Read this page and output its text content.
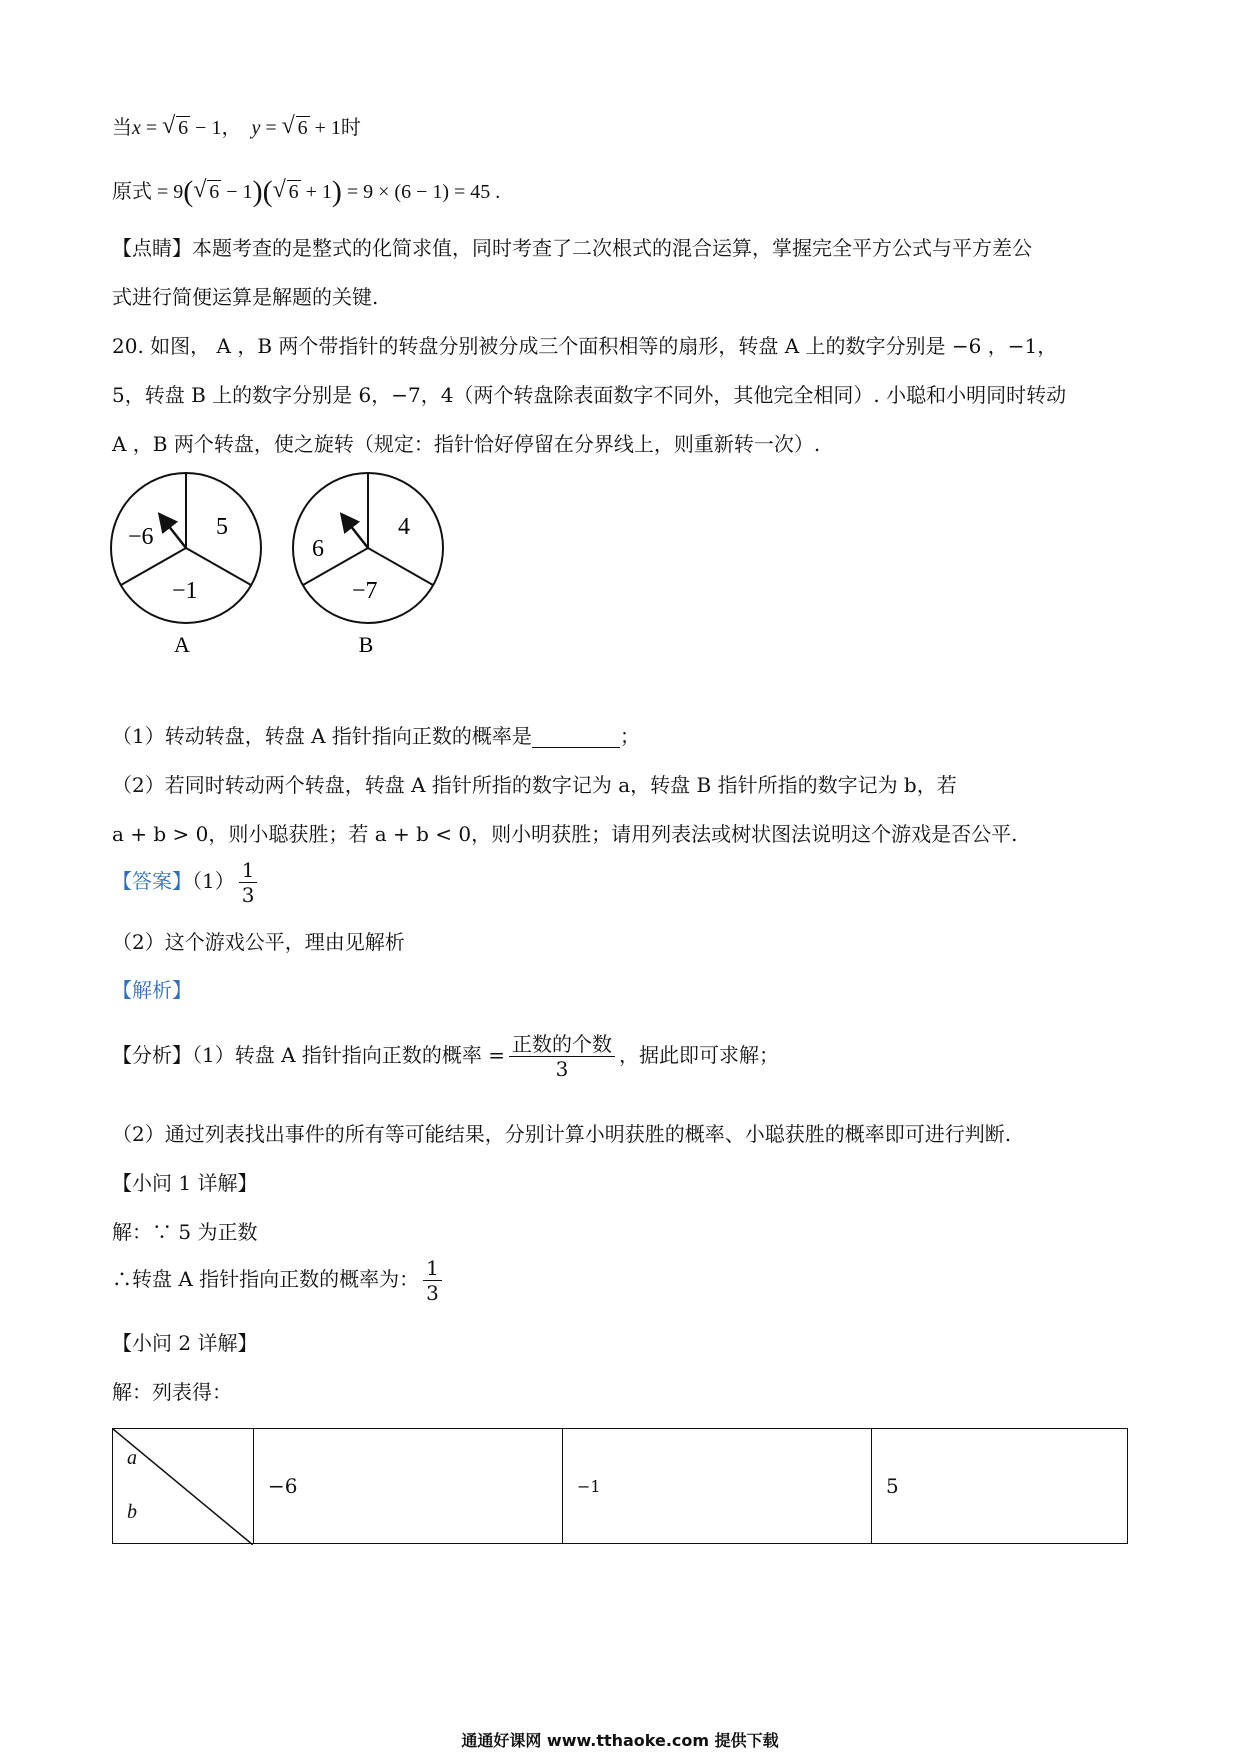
当x = √ 6 − 1， y = √ 6 + 1时
原式 = 9( √ 6 − 1)( √ 6 + 1) = 9 × (6 − 1) = 45 .
【点睛】本题考查的是整式的化简求值，同时考查了二次根式的混合运算，掌握完全平方公式与平方差公
式进行简便运算是解题的关键.
20. 如图， A ，B 两个带指针的转盘分别被分成三个面积相等的扇形，转盘 A 上的数字分别是 −6 ，−1，
5，转盘 B 上的数字分别是 6，−7，4（两个转盘除表面数字不同外，其他完全相同）. 小聪和小明同时转动
A ，B 两个转盘，使之旋转（规定：指针恰好停留在分界线上，则重新转一次）.
−6	5
−1
A
6
4
−7
B
（1）转动转盘，转盘 A 指针指向正数的概率是	；
（2）若同时转动两个转盘，转盘 A 指针所指的数字记为 a，转盘 B 指针所指的数字记为 b，若
a + b > 0，则小聪获胜；若 a + b < 0，则小明获胜；请用列表法或树状图法说明这个游戏是否公平.
【答案】$(1) \frac{1}{3}$
（2）这个游戏公平，理由见解析
【解析】
【分析】（1）转盘 A 指针指向正数的概率 = $\frac{\text{正数的个数}}{3}$ ，据此即可求解；
（2）通过列表找出事件的所有等可能结果，分别计算小明获胜的概率、小聪获胜的概率即可进行判断.
【小问 1 详解】
解：∵ 5 为正数
∴转盘 A 指针指向正数的概率为： $\frac{1}{3}$
【小问 2 详解】
解：列表得：
a
b
	−6	−1	5
通通好课网 www.tthaoke.com 提供下载
